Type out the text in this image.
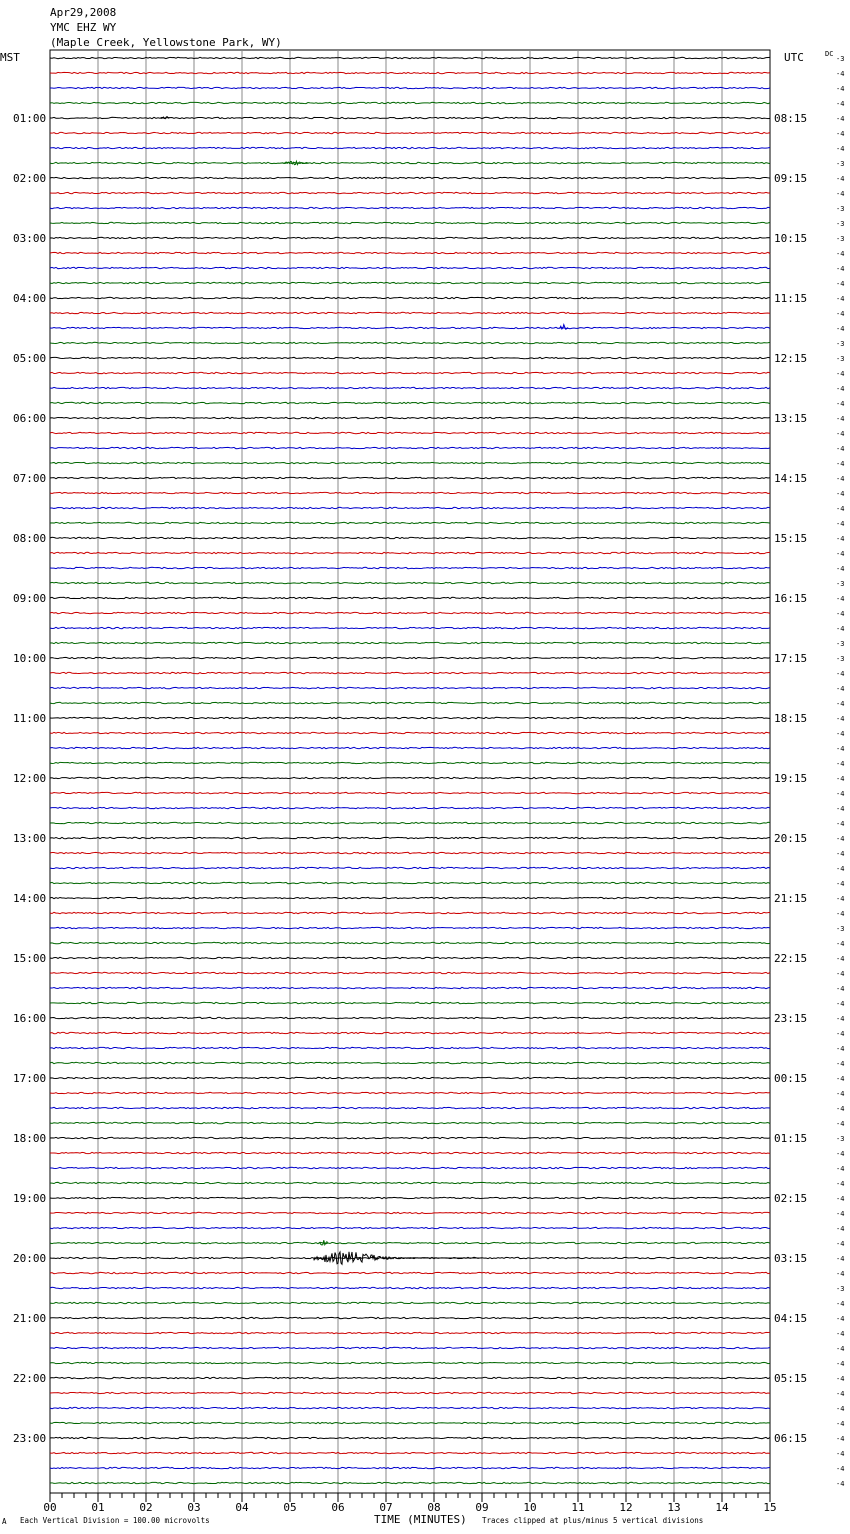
Apr29,2008
YMC EHZ WY
(Maple Creek, Yellowstone Park, WY)
MST	UTC	DC
01:00
02:00
03:00
04:00
05:00
06:00
07:00
08:00
09:00
10:00
11:00
12:00
13:00
14:00
15:00
16:00
17:00
18:00
19:00
20:00
21:00
22:00
23:00
08:15
09:15
10:15
11:15
12:15
13:15
14:15
15:15
16:15
17:15
18:15
19:15
20:15
21:15
22:15
23:15
00:15
01:15
02:15
03:15
04:15
05:15
06:15
-3
-4
-4
-4
-4
-4
-4
-3
-4
-4
-3
-3
-3
-4
-4
-4
-4
-4
-4
-3
-3
-4
-4
-4
-4
-4
-4
-4
-4
-4
-4
-4
-4
-4
-4
-3
-4
-4
-4
-3
-3
-4
-4
-4
-4
-4
-4
-4
-4
-4
-4
-4
-4
-4
-4
-4
-4
-4
-3
-4
-4
-4
-4
-4
-4
-4
-4
-4
-4
-4
-4
-4
-3
-4
-4
-4
-4
-4
-4
-4
-4
-4
-3
-4
-4
-4
-4
-4
-4
-4
-4
-4
-4
-4
-4
-4
00	01	02	03	04	05	06	07	08	09	10	11	12	13	14	15
A Each Vertical Division = 100.00 microvolts	TIME (MINUTES) Traces clipped at plus/minus 5 vertical divisions
